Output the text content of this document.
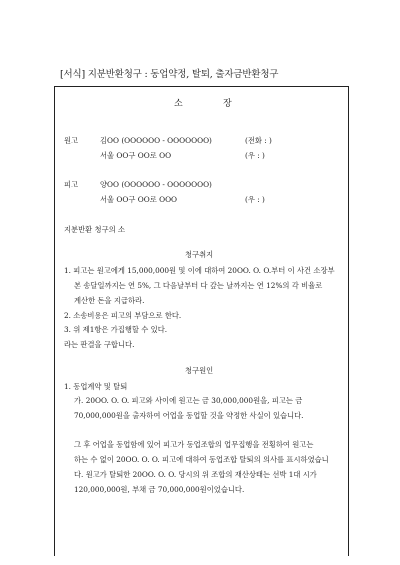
[서식] 지분반환청구 : 동업약정, 탈퇴, 출자금반환청구
소	장
원고	김OO (OOOOOO - OOOOOOO)	(전화 : )
서울 OO구 OO로 OO	(우 : )
피고	양OO (OOOOOO - OOOOOOO)
서울 OO구 OO로 OOO	(우 : )
지분반환 청구의 소
청구취지
1. 피고는 원고에게 15,000,000원 및 이에 대하여 20OO. O. O.부터 이 사건 소장부
본 송달일까지는 연 5%, 그 다음날부터 다 갚는 날까지는 연 12%의 각 비율로
계산한 돈을 지급하라.
2. 소송비용은 피고의 부담으로 한다.
3. 위 제1항은 가집행할 수 있다.
라는 판결을 구합니다.
청구원인
1. 동업계약 및 탈퇴
가. 20OO. O. O. 피고와 사이에 원고는 금 30,000,000원을, 피고는 금
70,000,000원을 출자하여 어업을 동업할 것을 약정한 사실이 있습니다.
그 후 어업을 동업함에 있어 피고가 동업조합의 업무집행을 전횡하여 원고는
하는 수 없이 20OO. O. O. 피고에 대하여 동업조합 탈퇴의 의사를 표시하였습니
다. 원고가 탈퇴한 20OO. O. O. 당시의 위 조합의 재산상태는 선박 1대 시가
120,000,000원, 부채 금 70,000,000원이었습니다.
